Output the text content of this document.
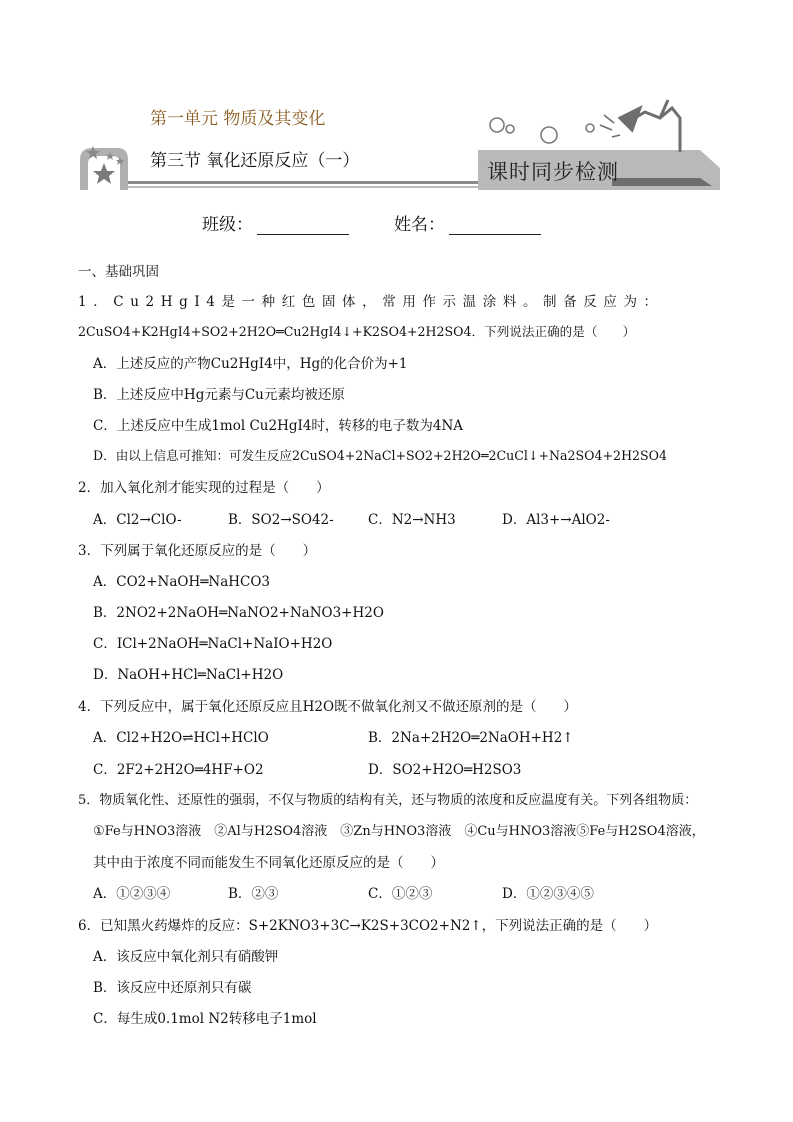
第一单元 物质及其变化
第三节 氧化还原反应（一）	课时同步检测
班级：	姓名：
一、基础巩固
1．Cu2HgI4是一种红色固体，常用作示温涂料。制备反应为：
2CuSO4+K2HgI4+SO2+2H2O═Cu2HgI4↓+K2SO4+2H2SO4．下列说法正确的是（　　）
A．上述反应的产物Cu2HgI4中，Hg的化合价为+1
B．上述反应中Hg元素与Cu元素均被还原
C．上述反应中生成1mol Cu2HgI4时，转移的电子数为4NA
D．由以上信息可推知：可发生反应2CuSO4+2NaCl+SO2+2H2O═2CuCl↓+Na2SO4+2H2SO4
2．加入氧化剂才能实现的过程是（　　）
A．Cl2→ClO-	B．SO2→SO42-	C．N2→NH3	D．Al3+→AlO2-
3．下列属于氧化还原反应的是（　　）
A．CO2+NaOH═NaHCO3
B．2NO2+2NaOH═NaNO2+NaNO3+H2O
C．ICl+2NaOH═NaCl+NaIO+H2O
D．NaOH+HCl═NaCl+H2O
4．下列反应中，属于氧化还原反应且H2O既不做氧化剂又不做还原剂的是（　　）
A．Cl2+H2O⇌HCl+HClO	B．2Na+2H2O═2NaOH+H2↑
C．2F2+2H2O═4HF+O2	D．SO2+H2O═H2SO3
5．物质氧化性、还原性的强弱，不仅与物质的结构有关，还与物质的浓度和反应温度有关。下列各组物质：
①Fe与HNO3溶液　②Al与H2SO4溶液　③Zn与HNO3溶液　④Cu与HNO3溶液⑤Fe与H2SO4溶液，
其中由于浓度不同而能发生不同氧化还原反应的是（　　）
A．①②③④	B．②③	C．①②③	D．①②③④⑤
6．已知黑火药爆炸的反应：S+2KNO3+3C→K2S+3CO2+N2↑，下列说法正确的是（　　）
A．该反应中氧化剂只有硝酸钾
B．该反应中还原剂只有碳
C．每生成0.1mol N2转移电子1mol
